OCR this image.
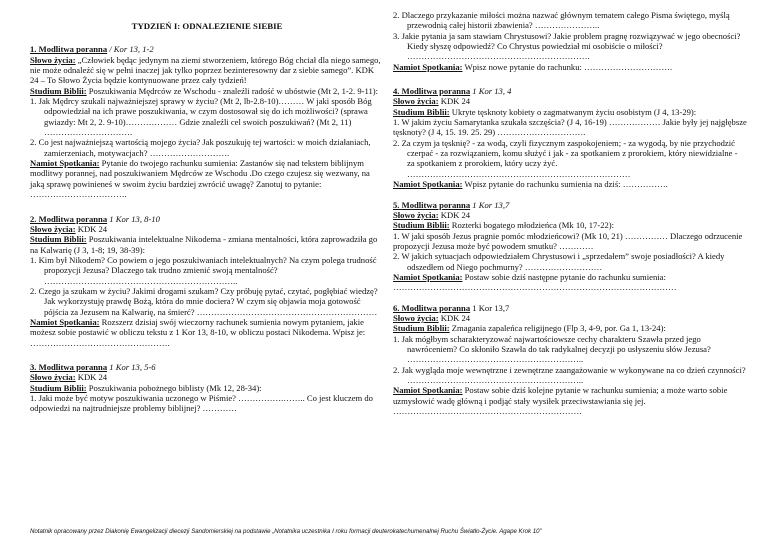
TYDZIEŃ I: ODNALEZIENIE SIEBIE

1. Modlitwa poranna / Kor 13, 1-2

Słowo życia: „Człowiek będąc jedynym na ziemi stworzeniem, którego Bóg chciał dla niego samego, nie może odnaleźć się w pełni inaczej jak tylko poprzez bezinteresowny dar z siebie samego”. KDK 24 – To Słowo Życia będzie kontynuowane przez cały tydzień!

Studium Biblii: Poszukiwania Mędrców ze Wschodu - znaleźli radość w ubóstwie (Mt 2, 1-2. 9-11):

1. Jak Mędrcy szukali najważniejszej sprawy w życiu? (Mt 2, lb-2.8-10)……… W jaki sposób Bóg odpowiedział na ich prawe poszukiwania, w czym dostosował się do ich możliwości? (sprawa gwiazdy: Mt 2, 2. 9-10)……………… Gdzie znaleźli cel swoich poszukiwań? (Mt 2, 11) ………………………….

2. Co jest najważniejszą wartością mojego życia? Jak poszukuję tej wartości: w moich działaniach, zamierzeniach, motywacjach? ……………………….

Namiot Spotkania: Pytanie do twojego rachunku sumienia: Zastanów się nad tekstem biblijnym modlitwy porannej, nad poszukiwaniem Mędrców ze Wschodu .Do czego czujesz się wezwany, na jaką sprawę powinieneś w swoim życiu bardziej zwrócić uwagę? Zanotuj to pytanie: …………………………….

2. Modlitwa poranna 1 Kor 13, 8-10

Słowo życia: KDK 24

Studium Biblii: Poszukiwania intelektualne Nikodema - zmiana mentalności, która zaprowadziła go na Kalwarię (J 3, 1-8; 19, 38-39):

1. Kim był Nikodem? Co powiem o jego poszukiwaniach intelektualnych? Na czym polega trudność propozycji Jezusa? Dlaczego tak trudno zmienić swoją mentalność? …………………………………………………………..

2. Czego ja szukam w życiu? Jakimi drogami szukam? Czy próbuję pytać, czytać, pogłębiać wiedzę? Jak wykorzystuję prawdę Bożą, która do mnie dociera? W czym się objawia moja gotowość pójścia za Jezusem na Kalwarię, na śmierć? ………………………………………………………

Namiot Spotkania: Rozszerz dzisiaj swój wieczorny rachunek sumienia nowym pytaniem, jakie możesz sobie postawić w obliczu tekstu z 1 Kor 13, 8-10, w obliczu postaci Nikodema. Wpisz je: ………………………………………….

3. Modlitwa poranna 1 Kor 13, 5-6

Słowo życia: KDK 24

Studium Biblii: Poszukiwania pobożnego biblisty (Mk 12, 28-34):

1. Jaki może być motyw poszukiwania uczonego w Piśmie? …………….…….. Co jest kluczem do odpowiedzi na najtrudniejsze problemy biblijnej? …………

2. Dlaczego przykazanie miłości można nazwać głównym tematem całego Pisma świętego, myślą przewodnią całej historii zbawienia? …………………..

3. Jakie pytania ja sam stawiam Chrystusowi? Jakie problem pragnę rozwiązywać w jego obecności? Kiedy słyszę odpowiedź? Co Chrystus powiedział mi osobiście o miłości? ……………………………………………………….

Namiot Spotkania: Wpisz nowe pytanie do rachunku: ………………………….

4. Modlitwa poranna 1 Kor 13, 4

Słowo życia: KDK 24

Studium Biblii: Ukryte tęsknoty kobiety o zagmatwanym życiu osobistym (J 4, 13-29):

1. W jakim życiu Samarytanka szukała szczęścia? (J 4, 16-19) ……………… Jakie były jej najgłębsze tęsknoty? (J 4, 15. 19. 25. 29) ………………………….

2. Za czym ja tęsknię? - za wodą, czyli fizycznym zaspokojeniem; - za wygodą, by nie przychodzić czerpać - za rozwiązaniem, komu służyć i jak - za spotkaniem z prorokiem, który niewidzialne - za spotkaniem z prorokiem, który uczy żyć. ……………………………………………………………………

Namiot Spotkania: Wpisz pytanie do rachunku sumienia na dziś: …………….

5. Modlitwa poranna 1 Kor 13,7

Słowo życia: KDK 24

Studium Biblii: Rozterki bogatego młodzieńca (Mk 10, 17-22):

1. W jaki sposób Jezus pragnie pomóc młodzieńcowi? (Mk 10, 21) …………… Dlaczego odrzucenie propozycji Jezusa może być powodem smutku? …………

2. W jakich sytuacjach odpowiedziałem Chrystusowi i „sprzedałem” swoje posiadłości? A kiedy odszedłem od Niego pochmurny? ………………………

Namiot Spotkania: Postaw sobie dziś następne pytanie do rachunku sumienia: ………………………………………………………………………………………

6. Modlitwa poranna 1 Kor 13,7

Słowo życia: KDK 24

Studium Biblii: Zmagania zapaleńca religijnego (Flp 3, 4-9, por. Ga 1, 13-24):

1. Jak mógłbym scharakteryzować najwartościowsze cechy charakteru Szawła przed jego nawróceniem? Co skłoniło Szawła do tak radykalnej decyzji po usłyszeniu słów Jezusa? ……………………………………………………..

2. Jak wygląda moje wewnętrzne i zewnętrzne zaangażowanie w wykonywane na co dzień czynności? ……………………………………………………..

Namiot Spotkania: Postaw sobie dziś kolejne pytanie w rachunku sumienia; a może warto sobie uzmysłowić wadę główną i podjąć stały wysiłek przeciwstawiania się jej. …………………………………………………………

Notatnik opracowany przez Diakonię Ewangelizacji diecezji Sandomierskiej na podstawie „Notatnika uczestnika I roku formacji deuterokatechumenalnej Ruchu Światło-Życie. Agape Krok 10”
